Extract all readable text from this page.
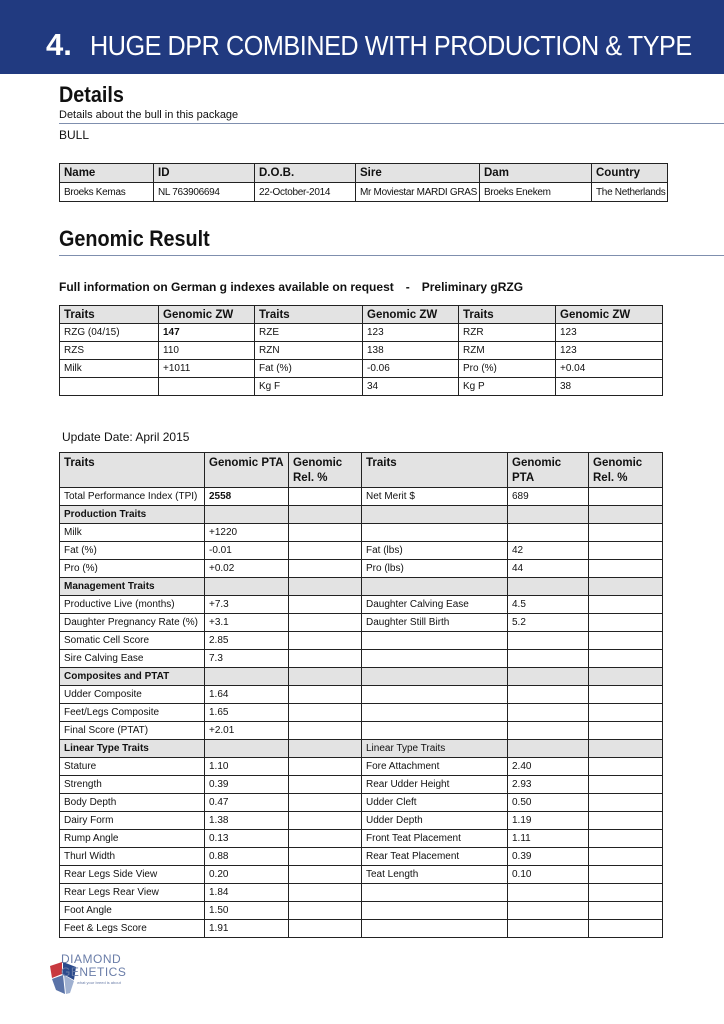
4. HUGE DPR COMBINED WITH PRODUCTION & TYPE
Details
Details about the bull in this package
BULL
Name	ID	D.O.B.	Sire	Dam	Country
Broeks Kemas	NL 763906694	22-October-2014	Mr Moviestar MARDI GRAS	Broeks Enekem	The Netherlands
Genomic Result
Full information on German g indexes available on request - Preliminary gRZG
Traits	Genomic ZW	Traits	Genomic ZW	Traits	Genomic ZW
RZG (04/15)	147	RZE	123	RZR	123
RZS	110	RZN	138	RZM	123
Milk	+1011	Fat (%)	-0.06	Pro (%)	+0.04
		Kg F	34	Kg P	38
Update Date: April 2015
Traits	Genomic PTA	Genomic Rel. %	Traits	Genomic PTA	Genomic Rel. %
Total Performance Index (TPI)	2558		Net Merit $	689	
Production Traits					
Milk	+1220				
Fat (%)	-0.01		Fat (lbs)	42	
Pro (%)	+0.02		Pro (lbs)	44	
Management Traits					
Productive Live (months)	+7.3		Daughter Calving Ease	4.5	
Daughter Pregnancy Rate (%)	+3.1		Daughter Still Birth	5.2	
Somatic Cell Score	2.85				
Sire Calving Ease	7.3				
Composites and PTAT					
Udder Composite	1.64				
Feet/Legs Composite	1.65				
Final Score (PTAT)	+2.01				
Linear Type Traits			Linear Type Traits		
Stature	1.10		Fore Attachment	2.40	
Strength	0.39		Rear Udder Height	2.93	
Body Depth	0.47		Udder Cleft	0.50	
Dairy Form	1.38		Udder Depth	1.19	
Rump Angle	0.13		Front Teat Placement	1.11	
Thurl Width	0.88		Rear Teat Placement	0.39	
Rear Legs Side View	0.20		Teat Length	0.10	
Rear Legs Rear View	1.84				
Foot Angle	1.50				
Feet & Legs Score	1.91				
DIAMOND
GENETICS
what your breed is about
